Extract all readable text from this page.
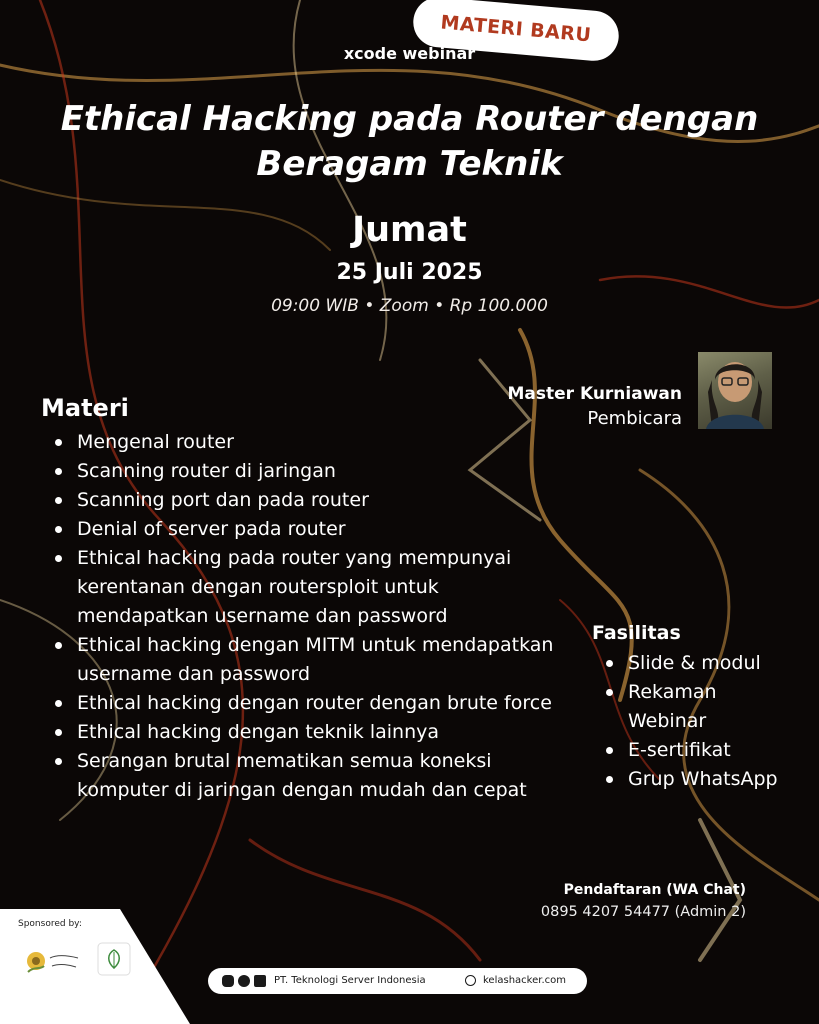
MATERI BARU
xcode webinar
Ethical Hacking pada Router dengan
Beragam Teknik
Jumat
25 Juli 2025
09:00 WIB • Zoom • Rp 100.000
Master Kurniawan
Pembicara
Materi
Mengenal router
Scanning router di jaringan
Scanning port dan pada router
Denial of server pada router
Ethical hacking pada router yang mempunyai kerentanan dengan routersploit untuk mendapatkan username dan password
Ethical hacking dengan MITM untuk mendapatkan username dan password
Ethical hacking dengan router dengan brute force
Ethical hacking dengan teknik lainnya
Serangan brutal mematikan semua koneksi komputer di jaringan dengan mudah dan cepat
Fasilitas
Slide & modul
Rekaman Webinar
E-sertifikat
Grup WhatsApp
Pendaftaran (WA Chat)
0895 4207 54477 (Admin 2)
Sponsored by:
PT. Teknologi Server Indonesia	kelashacker.com
